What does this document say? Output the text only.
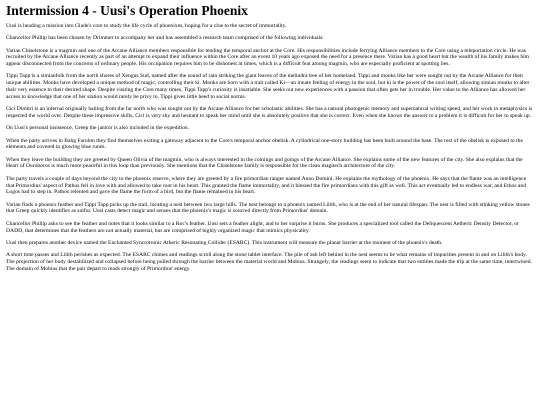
Intermission 4 - Uusi's Operation Phoenix

Uusi is heading a mission into Glade's core to study the life cycle of phoenixes, hoping for a clue to the secret of immortality.

Chancellor Phillip has been chosen by Drimmer to accompany her and has assembled a research team comprised of the following individuals:

Varian Chiselstone is a magmin and one of the Arcane Alliance members responsible for tending the temporal anchor at the Core. His responsibilities include ferrying Alliance members to the Core using a teleportation circle. He was recruited by the Arcane Alliance recently as part of an attempt to expand their influence within the Core after an event 10 years ago exposed the need for a presence there. Varian has a good heart but the wealth of his family makes him appear disconnected from the concerns of ordinary people. His occupation requires him to be dishonest at times, which is a difficult feat among magmin, who are especially proficient at spotting lies.

Tippi Tapp is a simianfolk from the north shores of Xengus Sud, named after the sound of rain striking the giant leaves of the melindra tree of her homeland. Tippi and monks like her were sought out by the Arcane Alliance for their unique abilities. Monks have developed a unique method of magic, controlling their ki. Monks are born with a trait called Ki—an innate feeling of energy in the soul, but ki is the power of the soul itself, allowing simian monks to alter their very essence to their desired shape. Despite visiting the Core many times, Tippi Tapp's curiosity is insatiable. She seeks out new experiences with a passion that often gets her in trouble. Her value to the Alliance has allowed her access to knowledge that one of her station would rarely be privy to. Tippi gives little heed to social norms.

Cici Dimitri is an infernal originally hailing from the far north who was sought out by the Arcane Alliance for her scholastic abilities. She has a natural photogenic memory and supernatural writing speed, and her work in metaphysics is respected the world over. Despite these impressive skills, Cici is very shy and hesitant to speak her mind until she is absolutely positive that she is correct. Even when she knows the answer to a problem it is difficult for her to speak up.

On Uusi's personal insistence, Greep the janitor is also included in the expedition.

When the party arrives in Bahg Faruhm they find themselves exiting a gateway adjacent to the Core's temporal anchor obelisk. A cylindrical one-story building has been built around the base. The rest of the obelisk is exposed to the elements and covered in glowing blue runes.

When they leave the building they are greeted by Queen Olivia of the magmin, who is always interested in the comings and goings of the Arcane Alliance. She explains some of the new features of the city. She also explains that the Heart of Ouroboros is much more peaceful in this loop than previously. She mentions that the Chiselstone family is responsible for the clean magitech architecture of the city.

The party travels a couple of days beyond the city to the phoenix reserve, where they are greeted by a fire primordian ranger named Anno Domini. He explains the mythology of the phoenix. He says that the flame was an intelligence that Primordius' aspect of Pathus fell in love with and allowed to take root in his heart. This granted the flame immortality, and it blessed the fire primordians with this gift as well. This act eventually led to endless war, and Ethos and Logos had to step in. Pathos relented and gave the flame the form of a bird, but the flame remained in his heart.

Varian finds a phoenix feather and Tippi Tapp picks up the trail, locating a nest between two large hills. The nest belongs to a phoenix named Lilith, who is at the end of her natural lifespan. The nest is filled with stinking yellow stones that Greep quickly identifies as sulfur. Uusi casts detect magic and senses that the phoenix's magic is sourced directly from Primordius' domain.

Chancellor Phillip asks to see the feather and notes that it looks similar to a Roc's feather. Uusi sets a feather alight, and to her surprise it burns. She produces a specialized tool called the Deliquescent Aetheric Density Detector, or DADD, that determines that the feathers are not actually material, but are comprised of highly organized magic that mimics physicality.

Uusi then prepares another device named the Enchanted Syncrotronic Atheric Resonating Collider (ESARC). This instrument will measure the planar barrier at the moment of the phoenix's death.

A short time passes and Lilith perishes as expected. The ESARC chimes and readings scroll along the stone tablet interface. The pile of ash left behind in the nest seems to be what remains of impurities present in and on Lilith's body. The projection of her body destabilized and collapsed before being pulled through the barrier between the material world and Mobius. Strangely, the readings seem to indicate that two entities made the trip at the same time, intertwined. The domain of Mobius that the pair depart to reads strongly of Primordius' energy.
